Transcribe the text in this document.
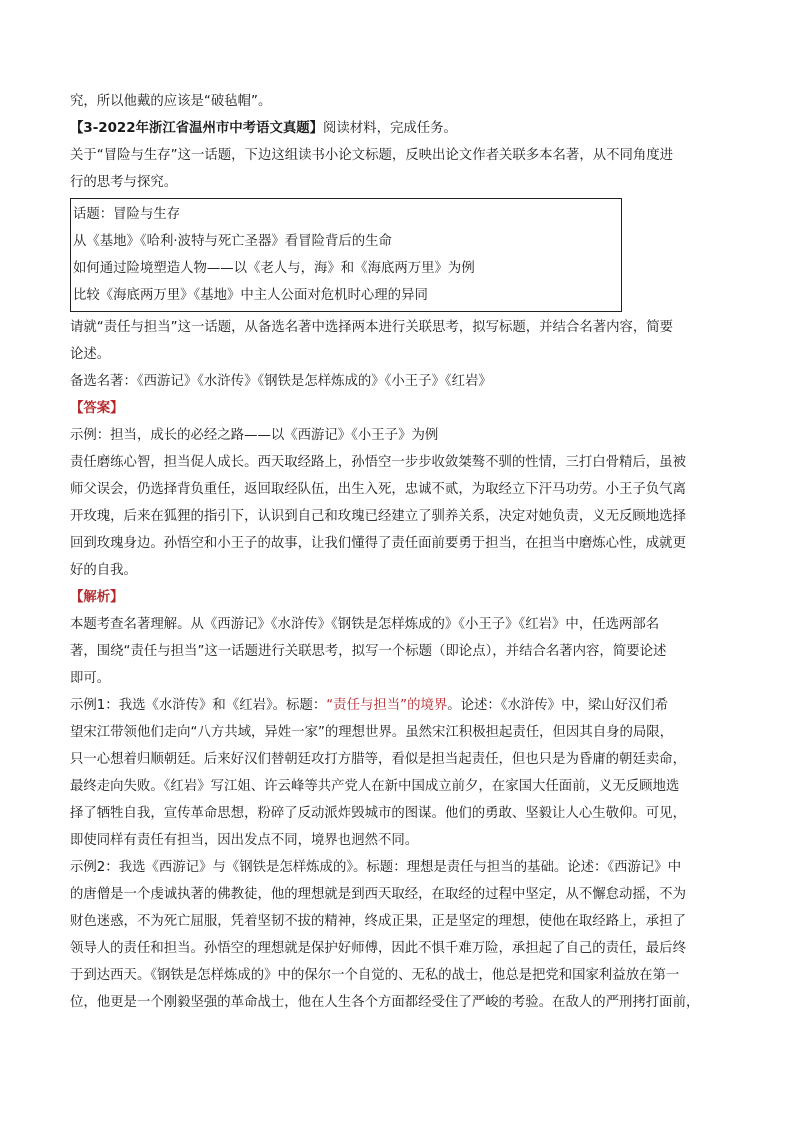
究，所以他戴的应该是“破毡帽”。
【3-2022年浙江省温州市中考语文真题】阅读材料，完成任务。
关于“冒险与生存”这一话题，下边这组读书小论文标题，反映出论文作者关联多本名著，从不同角度进
行的思考与探究。
话题：冒险与生存
从《基地》《哈利·波特与死亡圣器》看冒险背后的生命
如何通过险境塑造人物——以《老人与，海》和《海底两万里》为例
比较《海底两万里》《基地》中主人公面对危机时心理的异同
请就“责任与担当”这一话题，从备选名著中选择两本进行关联思考，拟写标题，并结合名著内容，简要
论述。
备选名著：《西游记》《水浒传》《钢铁是怎样炼成的》《小王子》《红岩》
【答案】
示例：担当，成长的必经之路——以《西游记》《小王子》为例
责任磨练心智，担当促人成长。西天取经路上，孙悟空一步步收敛桀骜不驯的性情，三打白骨精后，虽被
师父误会，仍选择背负重任，返回取经队伍，出生入死，忠诚不贰，为取经立下汗马功劳。小王子负气离
开玫瑰，后来在狐狸的指引下，认识到自己和玫瑰已经建立了驯养关系，决定对她负责，义无反顾地选择
回到玫瑰身边。孙悟空和小王子的故事，让我们懂得了责任面前要勇于担当，在担当中磨炼心性，成就更
好的自我。
【解析】
本题考查名著理解。从《西游记》《水浒传》《钢铁是怎样炼成的》《小王子》《红岩》中，任选两部名
著，围绕“责任与担当”这一话题进行关联思考，拟写一个标题（即论点），并结合名著内容，简要论述
即可。
示例1：我选《水浒传》和《红岩》。标题：“责任与担当”的境界。论述：《水浒传》中，梁山好汉们希
望宋江带领他们走向“八方共域，异姓一家”的理想世界。虽然宋江积极担起责任，但因其自身的局限，
只一心想着归顺朝廷。后来好汉们替朝廷攻打方腊等，看似是担当起责任，但也只是为昏庸的朝廷卖命，
最终走向失败。《红岩》写江姐、许云峰等共产党人在新中国成立前夕，在家国大任面前，义无反顾地选
择了牺牲自我，宣传革命思想，粉碎了反动派炸毁城市的图谋。他们的勇敢、坚毅让人心生敬仰。可见，
即使同样有责任有担当，因出发点不同，境界也迥然不同。
示例2：我选《西游记》与《钢铁是怎样炼成的》。标题：理想是责任与担当的基础。论述：《西游记》中
的唐僧是一个虔诚执著的佛教徒，他的理想就是到西天取经，在取经的过程中坚定，从不懈怠动摇，不为
财色迷惑，不为死亡屈服，凭着坚韧不拔的精神，终成正果，正是坚定的理想，使他在取经路上，承担了
领导人的责任和担当。孙悟空的理想就是保护好师傅，因此不惧千难万险，承担起了自己的责任，最后终
于到达西天。《钢铁是怎样炼成的》中的保尔一个自觉的、无私的战士，他总是把党和国家利益放在第一
位，他更是一个刚毅坚强的革命战士，他在人生各个方面都经受住了严峻的考验。在敌人的严刑拷打面前，
